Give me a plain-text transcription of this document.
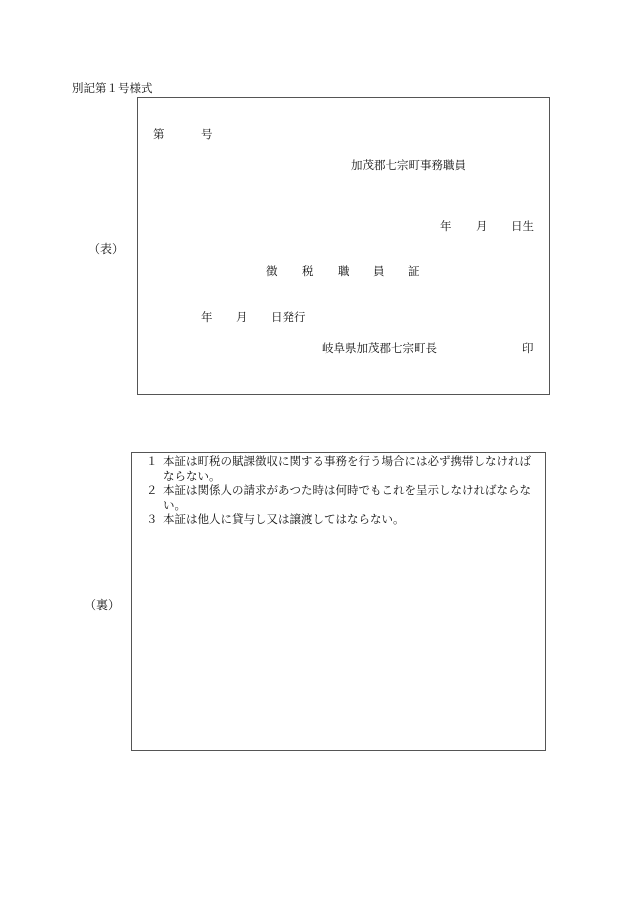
別記第１号様式
（表）
第	号
加茂郡七宗町事務職員
年 月 日生
徴 税 職 員 証
年 月 日発行
岐阜県加茂郡七宗町長	印
（裏）
１ 本証は町税の賦課徴収に関する事務を行う場合には必ず携帯しなければならない。
２ 本証は関係人の請求があつた時は何時でもこれを呈示しなければならない。
３ 本証は他人に貸与し又は譲渡してはならない。
